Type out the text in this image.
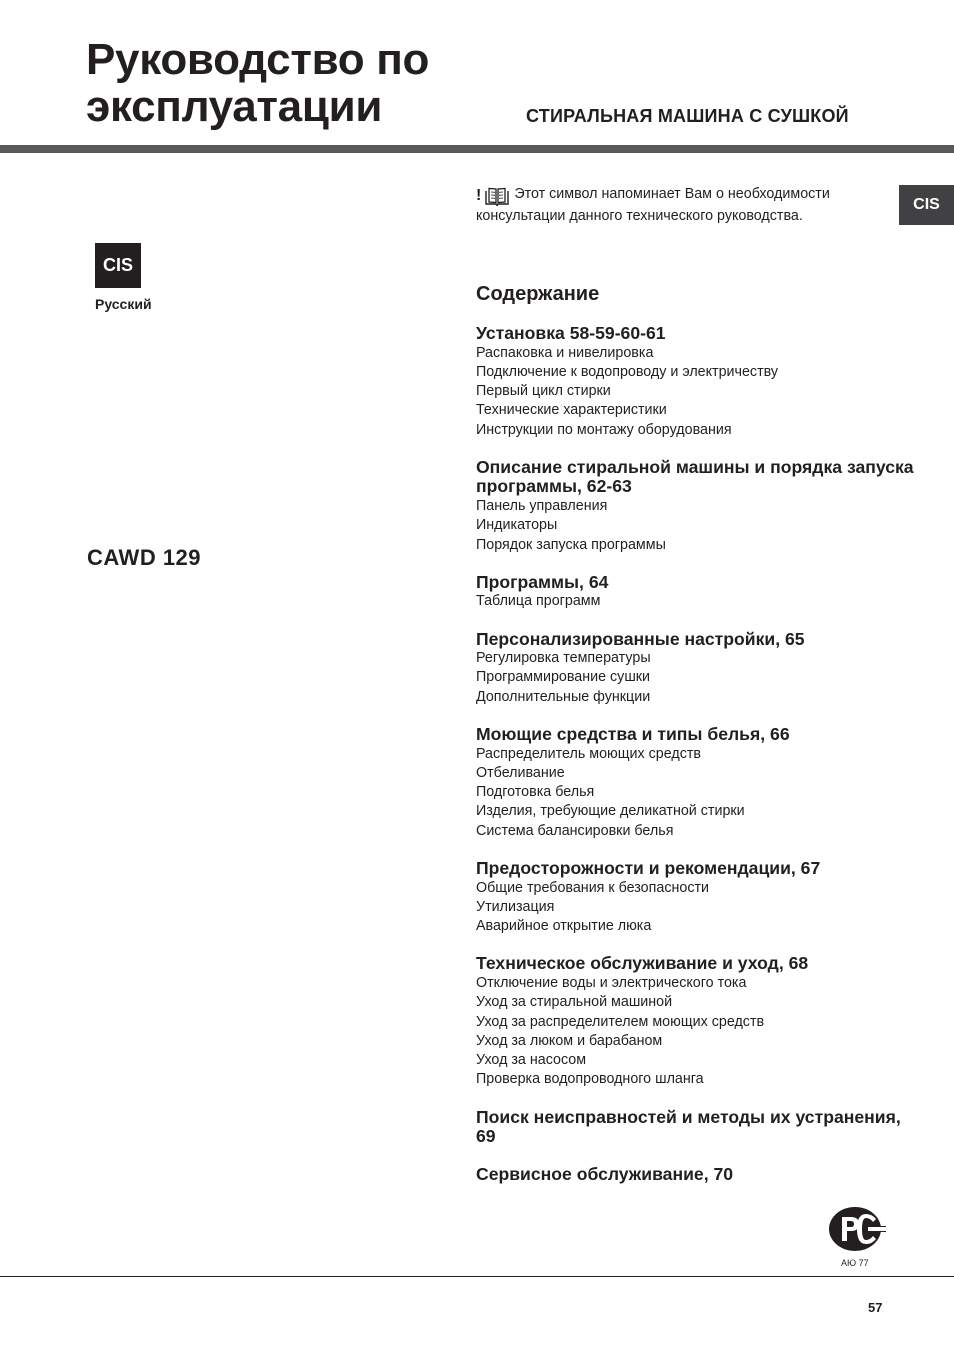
Руководство по
эксплуатации	СТИРАЛЬНАЯ МАШИНА С СУШКОЙ
CIS
CIS
Русский
CAWD 129
! Этот символ напоминает Вам о необходимости консультации данного технического руководства.
Содержание
Установка 58-59-60-61
Распаковка и нивелировка
Подключение к водопроводу и электричеству
Первый цикл стирки
Технические характеристики
Инструкции по монтажу оборудования
Описание стиральной машины и порядка запуска программы, 62-63
Панель управления
Индикаторы
Порядок запуска программы
Программы, 64
Таблица программ
Персонализированные настройки, 65
Регулировка температуры
Программирование сушки
Дополнительные функции
Моющие средства и типы белья, 66
Распределитель моющих средств
Отбеливание
Подготовка белья
Изделия, требующие деликатной стирки
Система балансировки белья
Предосторожности и рекомендации, 67
Общие требования к безопасности
Утилизация
Аварийное открытие люка
Техническое обслуживание и уход, 68
Отключение воды и электрического тока
Уход за стиральной машиной
Уход за распределителем моющих средств
Уход за люком и барабаном
Уход за насосом
Проверка водопроводного шланга
Поиск неисправностей и методы их устранения, 69
Сервисное обслуживание, 70
АЮ 77
57
